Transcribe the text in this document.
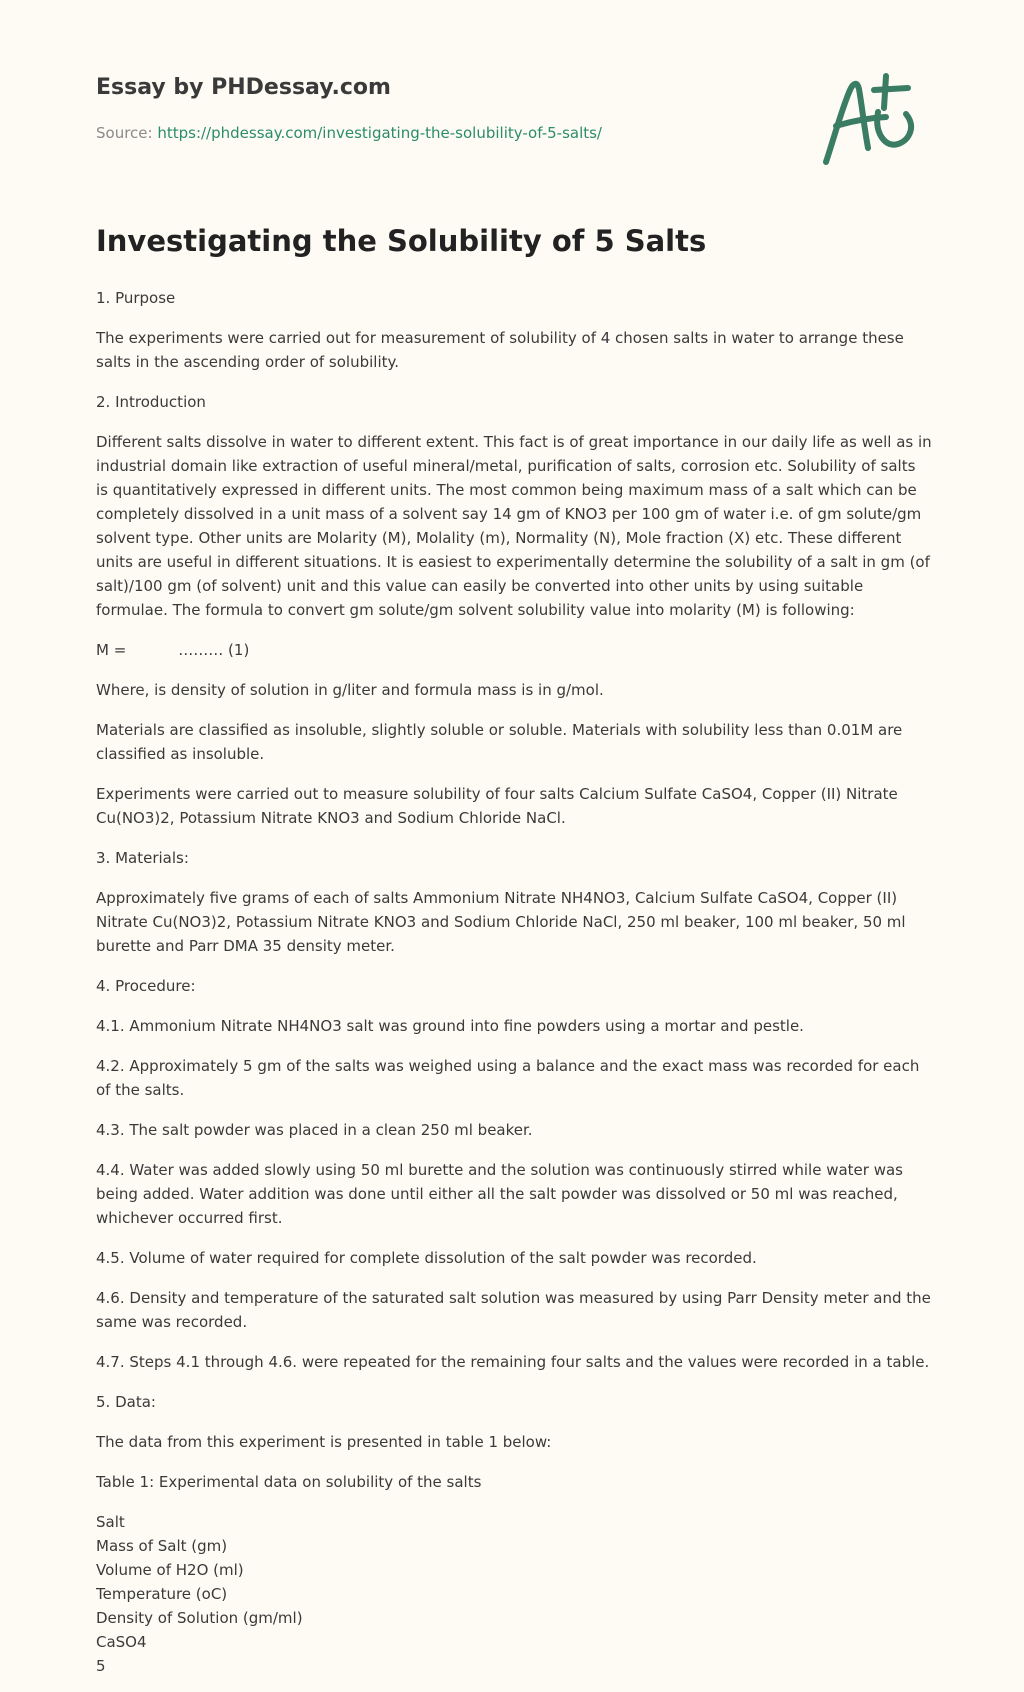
Essay by PHDessay.com
Source: https://phdessay.com/investigating-the-solubility-of-5-salts/
Investigating the Solubility of 5 Salts

1. Purpose

The experiments were carried out for measurement of solubility of 4 chosen salts in water to arrange these salts in the ascending order of solubility.

2. Introduction

Different salts dissolve in water to different extent. This fact is of great importance in our daily life as well as in industrial domain like extraction of useful mineral/metal, purification of salts, corrosion etc. Solubility of salts is quantitatively expressed in different units. The most common being maximum mass of a salt which can be completely dissolved in a unit mass of a solvent say 14 gm of KNO3 per 100 gm of water i.e. of gm solute/gm solvent type. Other units are Molarity (M), Molality (m), Normality (N), Mole fraction (X) etc. These different units are useful in different situations. It is easiest to experimentally determine the solubility of a salt in gm (of salt)/100 gm (of solvent) unit and this value can easily be converted into other units by using suitable formulae. The formula to convert gm solute/gm solvent solubility value into molarity (M) is following:

M =	……… (1)

Where, is density of solution in g/liter and formula mass is in g/mol.

Materials are classified as insoluble, slightly soluble or soluble. Materials with solubility less than 0.01M are classified as insoluble.

Experiments were carried out to measure solubility of four salts Calcium Sulfate CaSO4, Copper (II) Nitrate Cu(NO3)2, Potassium Nitrate KNO3 and Sodium Chloride NaCl.

3. Materials:

Approximately five grams of each of salts Ammonium Nitrate NH4NO3, Calcium Sulfate CaSO4, Copper (II) Nitrate Cu(NO3)2, Potassium Nitrate KNO3 and Sodium Chloride NaCl, 250 ml beaker, 100 ml beaker, 50 ml burette and Parr DMA 35 density meter.

4. Procedure:

4.1. Ammonium Nitrate NH4NO3 salt was ground into fine powders using a mortar and pestle.

4.2. Approximately 5 gm of the salts was weighed using a balance and the exact mass was recorded for each of the salts.

4.3. The salt powder was placed in a clean 250 ml beaker.

4.4. Water was added slowly using 50 ml burette and the solution was continuously stirred while water was being added. Water addition was done until either all the salt powder was dissolved or 50 ml was reached, whichever occurred first.

4.5. Volume of water required for complete dissolution of the salt powder was recorded.

4.6. Density and temperature of the saturated salt solution was measured by using Parr Density meter and the same was recorded.

4.7. Steps 4.1 through 4.6. were repeated for the remaining four salts and the values were recorded in a table.

5. Data:

The data from this experiment is presented in table 1 below:

Table 1: Experimental data on solubility of the salts

Salt

Mass of Salt (gm)

Volume of H2O (ml)

Temperature (oC)

Density of Solution (gm/ml)

CaSO4

5
